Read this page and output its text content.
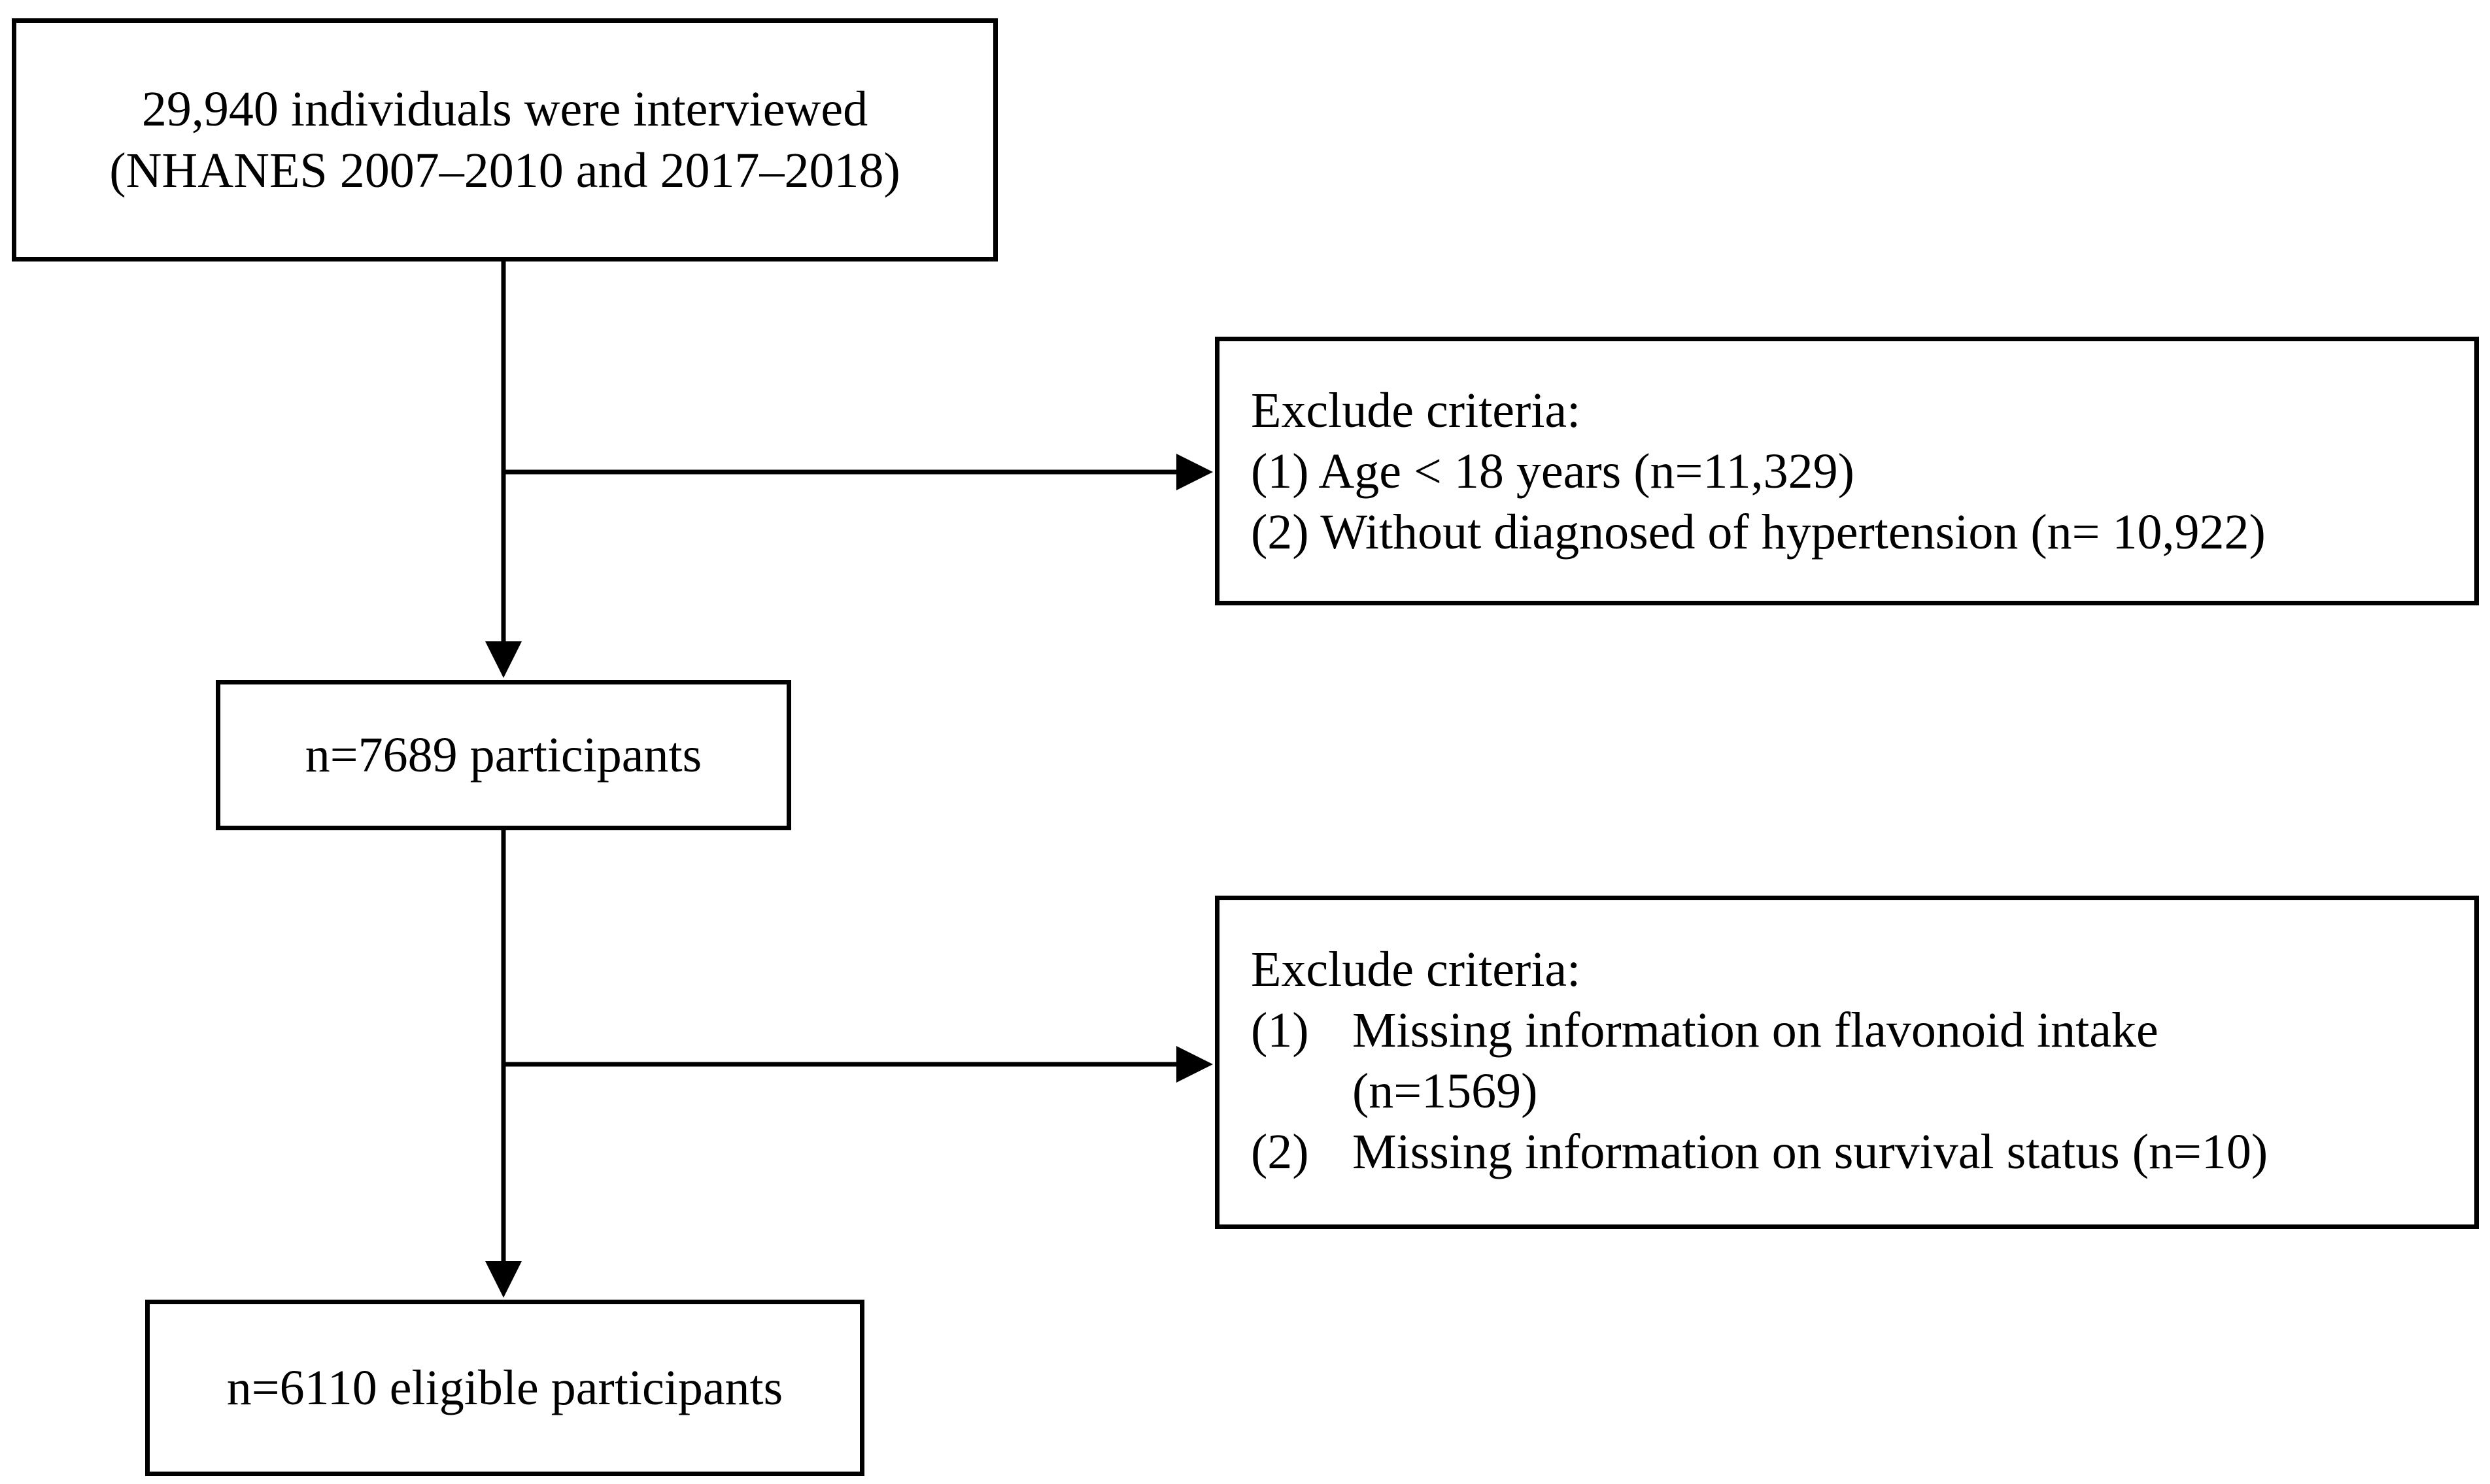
29,940 individuals were interviewed
(NHANES 2007–2010 and 2017–2018)
Exclude criteria:
(1) Age < 18 years (n=11,329)
(2) Without diagnosed of hypertension (n= 10,922)
n=7689 participants
Exclude criteria:
(1) Missing information on flavonoid intake
(n=1569)
(2) Missing information on survival status (n=10)
n=6110 eligible participants
